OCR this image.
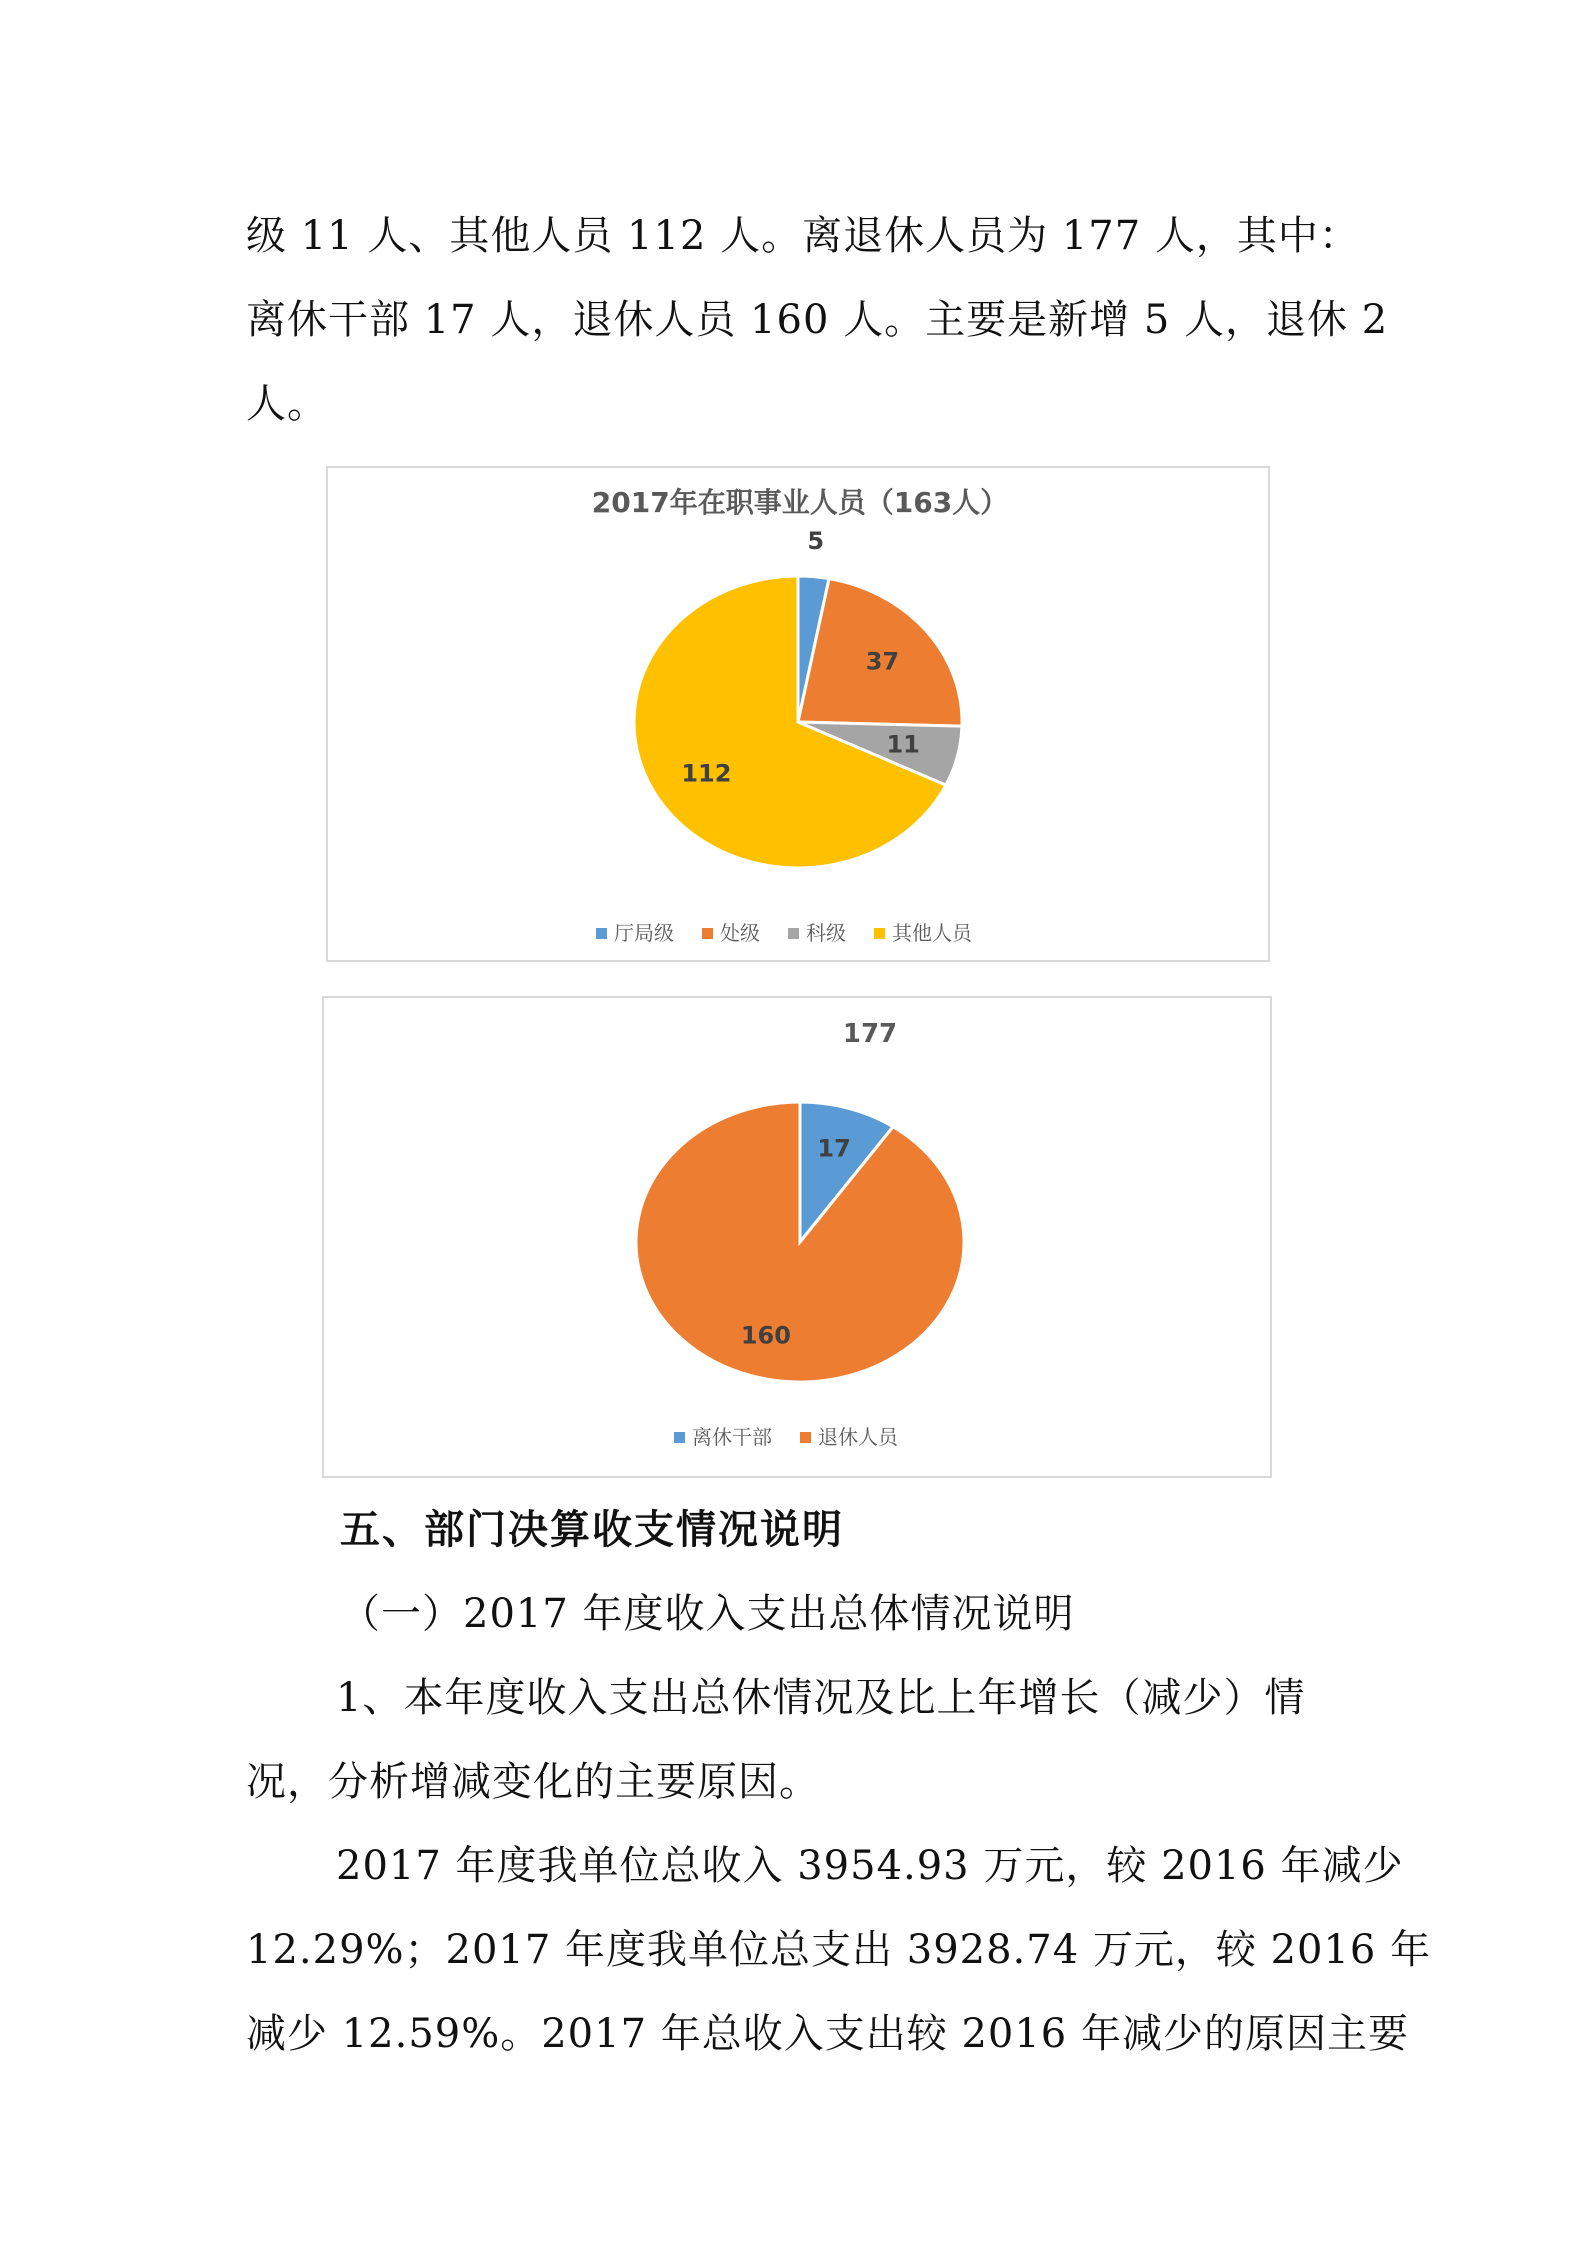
级 11 人、其他人员 112 人。离退休人员为 177 人，其中：
离休干部 17 人，退休人员 160 人。主要是新增 5 人，退休 2
人。
2017年在职事业人员（163人）
5
37
11
112
厅局级 处级 科级 其他人员
177
17
160
离休干部 退休人员
五、部门决算收支情况说明
（一）2017 年度收入支出总体情况说明
1、本年度收入支出总休情况及比上年增长（减少）情
况，分析增减变化的主要原因。
2017 年度我单位总收入 3954.93 万元，较 2016 年减少
12.29%；2017 年度我单位总支出 3928.74 万元，较 2016 年
减少 12.59%。2017 年总收入支出较 2016 年减少的原因主要
